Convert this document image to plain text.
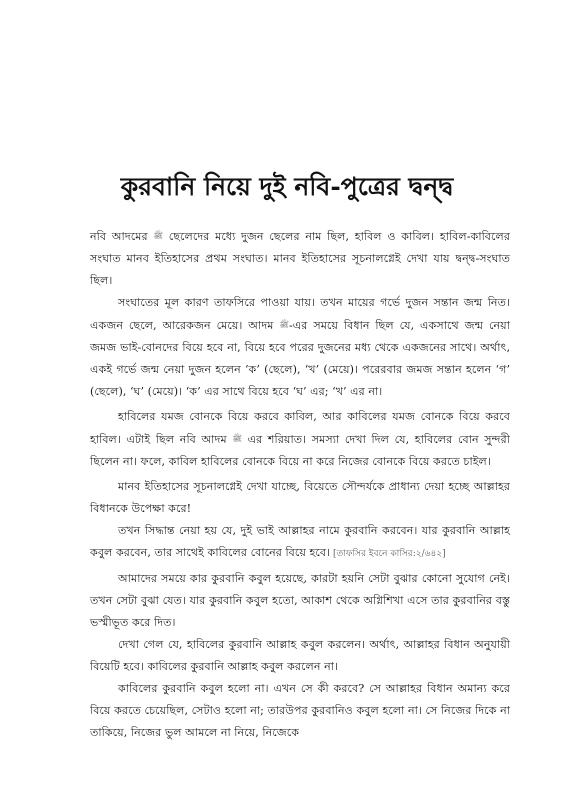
কুরবানি নিয়ে দুই নবি-পুত্রের দ্বন্দ্ব

নবি আদমের ﷺ ছেলেদের মধ্যে দুজন ছেলের নাম ছিল, হাবিল ও কাবিল। হাবিল-কাবিলের সংঘাত মানব ইতিহাসের প্রথম সংঘাত। মানব ইতিহাসের সূচনালগ্নেই দেখা যায় দ্বন্দ্ব-সংঘাত ছিল।

সংঘাতের মূল কারণ তাফসিরে পাওয়া যায়। তখন মায়ের গর্ভে দুজন সন্তান জন্ম নিত। একজন ছেলে, আরেকজন মেয়ে। আদম ﷺ-এর সময়ে বিধান ছিল যে, একসাথে জন্ম নেয়া জমজ ভাই-বোনদের বিয়ে হবে না, বিয়ে হবে পরের দুজনের মধ্য থেকে একজনের সাথে। অর্থাৎ, একই গর্ভে জন্ম নেয়া দুজন হলেন ‘ক’ (ছেলে), ‘খ’ (মেয়ে)। পরেরবার জমজ সন্তান হলেন ‘গ’ (ছেলে), ‘ঘ’ (মেয়ে)। ‘ক’ এর সাথে বিয়ে হবে ‘ঘ’ এর; ‘খ’ এর না।

হাবিলের যমজ বোনকে বিয়ে করবে কাবিল, আর কাবিলের যমজ বোনকে বিয়ে করবে হাবিল। এটাই ছিল নবি আদম ﷺ এর শরিয়াত। সমস্যা দেখা দিল যে, হাবিলের বোন সুন্দরী ছিলেন না। ফলে, কাবিল হাবিলের বোনকে বিয়ে না করে নিজের বোনকে বিয়ে করতে চাইল।

মানব ইতিহাসের সূচনালগ্নেই দেখা যাচ্ছে, বিয়েতে সৌন্দর্যকে প্রাধান্য দেয়া হচ্ছে আল্লাহর বিধানকে উপেক্ষা করে!

তখন সিদ্ধান্ত নেয়া হয় যে, দুই ভাই আল্লাহর নামে কুরবানি করবেন। যার কুরবানি আল্লাহ কবুল করবেন, তার সাথেই কাবিলের বোনের বিয়ে হবে। [তাফসির ইবনে কাসির:২/৬৪২]

আমাদের সময়ে কার কুরবানি কবুল হয়েছে, কারটা হয়নি সেটা বুঝার কোনো সুযোগ নেই। তখন সেটা বুঝা যেত। যার কুরবানি কবুল হতো, আকাশ থেকে অগ্নিশিখা এসে তার কুরবানির বস্তু ভস্মীভূত করে দিত।

দেখা গেল যে, হাবিলের কুরবানি আল্লাহ কবুল করলেন। অর্থাৎ, আল্লাহর বিধান অনুযায়ী বিয়েটি হবে। কাবিলের কুরবানি আল্লাহ কবুল করলেন না।

কাবিলের কুরবানি কবুল হলো না। এখন সে কী করবে? সে আল্লাহর বিধান অমান্য করে বিয়ে করতে চেয়েছিল, সেটাও হলো না; তারউপর কুরবানিও কবুল হলো না। সে নিজের দিকে না তাকিয়ে, নিজের ভুল আমলে না নিয়ে, নিজেকে
